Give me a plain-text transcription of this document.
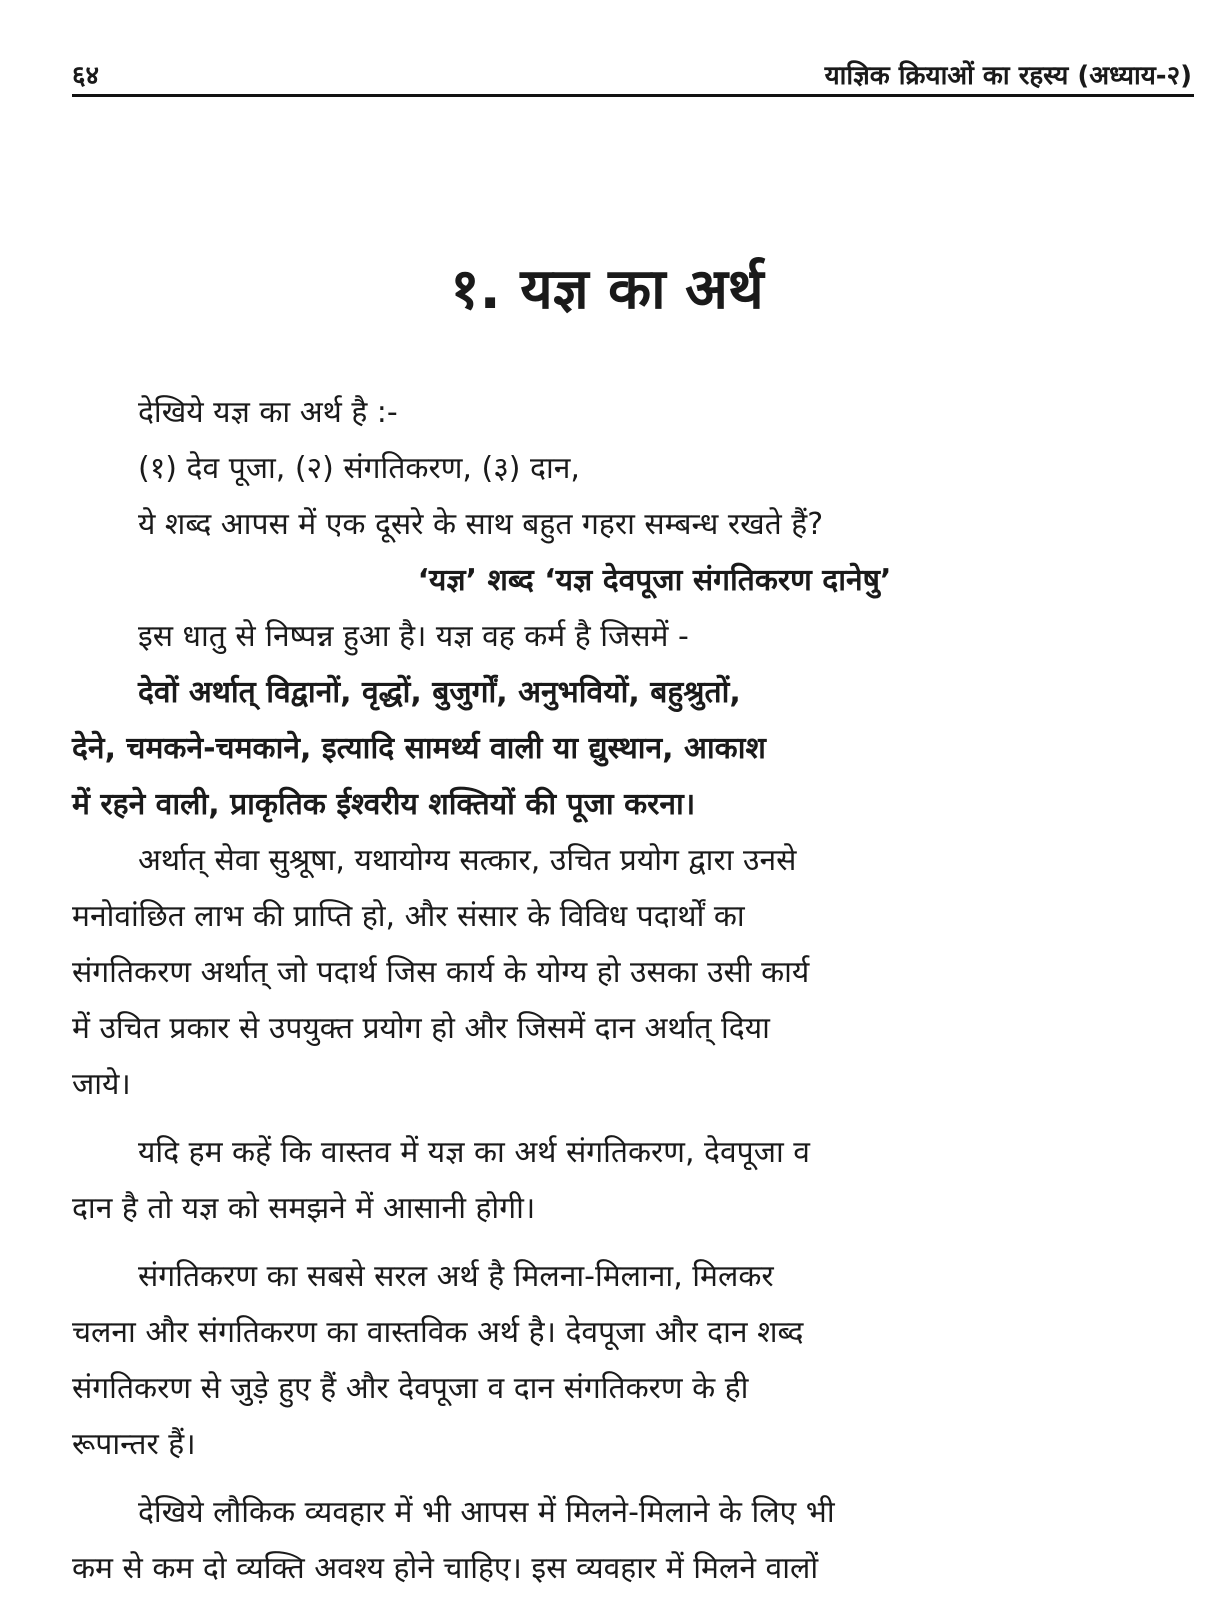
६४	याज्ञिक क्रियाओं का रहस्य (अध्याय-२)
१. यज्ञ का अर्थ
देखिये यज्ञ का अर्थ है :-
(१) देव पूजा, (२) संगतिकरण, (३) दान,
ये शब्द आपस में एक दूसरे के साथ बहुत गहरा सम्बन्ध रखते हैं?
‘यज्ञ’ शब्द ‘यज्ञ देवपूजा संगतिकरण दानेषु’
इस धातु से निष्पन्न हुआ है। यज्ञ वह कर्म है जिसमें -
देवों अर्थात् विद्वानों, वृद्धों, बुजुर्गों, अनुभवियों, बहुश्रुतों,
देने, चमकने-चमकाने, इत्यादि सामर्थ्य वाली या द्युस्थान, आकाश
में रहने वाली, प्राकृतिक ईश्वरीय शक्तियों की पूजा करना।
अर्थात् सेवा सुश्रूषा, यथायोग्य सत्कार, उचित प्रयोग द्वारा उनसे
मनोवांछित लाभ की प्राप्ति हो, और संसार के विविध पदार्थों का
संगतिकरण अर्थात् जो पदार्थ जिस कार्य के योग्य हो उसका उसी कार्य
में उचित प्रकार से उपयुक्त प्रयोग हो और जिसमें दान अर्थात् दिया
जाये।
यदि हम कहें कि वास्तव में यज्ञ का अर्थ संगतिकरण, देवपूजा व
दान है तो यज्ञ को समझने में आसानी होगी।
संगतिकरण का सबसे सरल अर्थ है मिलना-मिलाना, मिलकर
चलना और संगतिकरण का वास्तविक अर्थ है। देवपूजा और दान शब्द
संगतिकरण से जुड़े हुए हैं और देवपूजा व दान संगतिकरण के ही
रूपान्तर हैं।
देखिये लौकिक व्यवहार में भी आपस में मिलने-मिलाने के लिए भी
कम से कम दो व्यक्ति अवश्य होने चाहिए। इस व्यवहार में मिलने वालों
